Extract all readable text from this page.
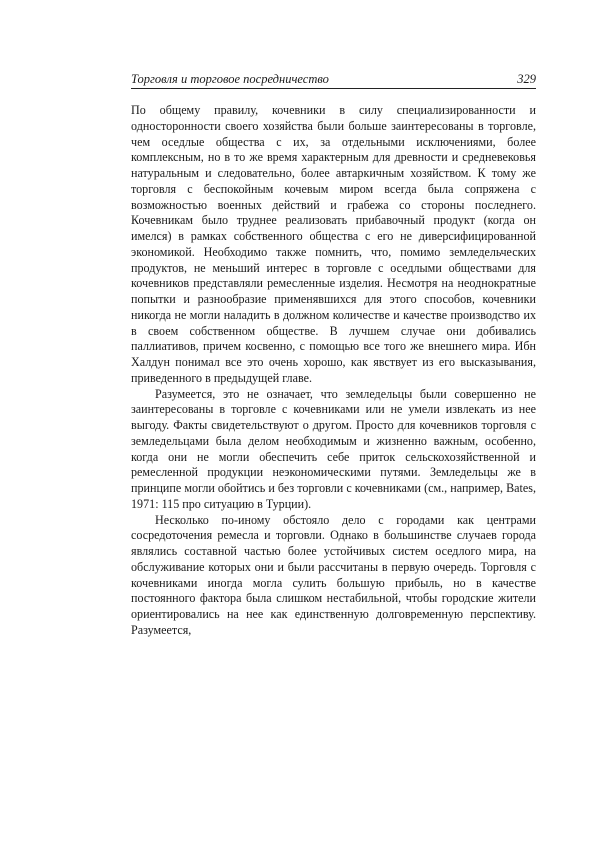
Торговля и торговое посредничество	329

По общему правилу, кочевники в силу специализированности и односторонности своего хозяйства были больше заинтересованы в торговле, чем оседлые общества с их, за отдельными исключениями, более комплексным, но в то же время характерным для древности и средневековья натуральным и следовательно, более автаркичным хозяйством. К тому же торговля с беспокойным кочевым миром всегда была сопряжена с возможностью военных действий и грабежа со стороны последнего. Кочевникам было труднее реализовать прибавочный продукт (когда он имелся) в рамках собственного общества с его не диверсифицированной экономикой. Необходимо также помнить, что, помимо земледельческих продуктов, не меньший интерес в торговле с оседлыми обществами для кочевников представляли ремесленные изделия. Несмотря на неоднократные попытки и разнообразие применявшихся для этого способов, кочевники никогда не могли наладить в должном количестве и качестве производство их в своем собственном обществе. В лучшем случае они добивались паллиативов, причем косвенно, с помощью все того же внешнего мира. Ибн Халдун понимал все это очень хорошо, как явствует из его высказывания, приведенного в предыдущей главе.

Разумеется, это не означает, что земледельцы были совершенно не заинтересованы в торговле с кочевниками или не умели извлекать из нее выгоду. Факты свидетельствуют о другом. Просто для кочевников торговля с земледельцами была делом необходимым и жизненно важным, особенно, когда они не могли обеспечить себе приток сельскохозяйственной и ремесленной продукции неэкономическими путями. Земледельцы же в принципе могли обойтись и без торговли с кочевниками (см., например, Bates, 1971: 115 про ситуацию в Турции).

Несколько по-иному обстояло дело с городами как центрами сосредоточения ремесла и торговли. Однако в большинстве случаев города являлись составной частью более устойчивых систем оседлого мира, на обслуживание которых они и были рассчитаны в первую очередь. Торговля с кочевниками иногда могла сулить большую прибыль, но в качестве постоянного фактора была слишком нестабильной, чтобы городские жители ориентировались на нее как единственную долговременную перспективу. Разумеется,
